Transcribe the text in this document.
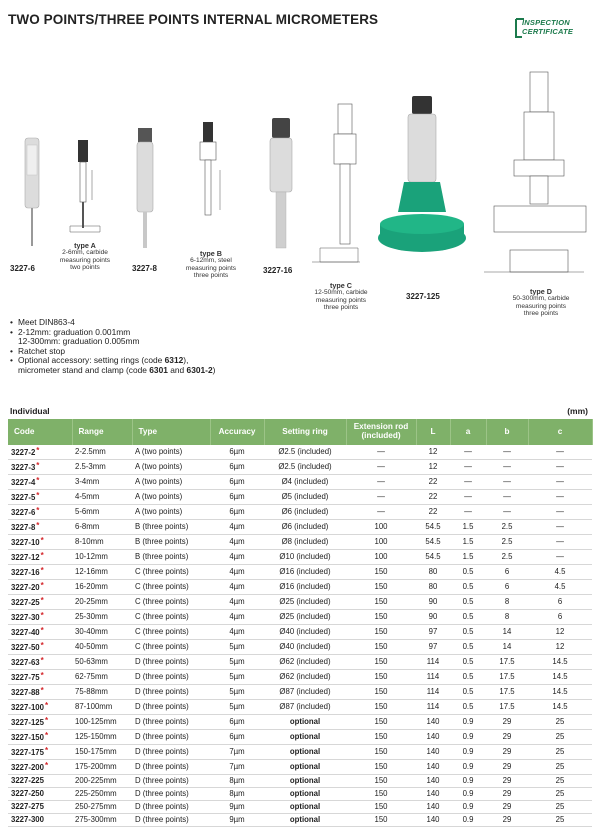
TWO POINTS/THREE POINTS INTERNAL MICROMETERS	INSPECTION
CERTIFICATE
3227-6
type A
2-6mm, carbide
measuring points
two points	3227-8
type B
6-12mm, steel
measuring points
three points
3227-16
type C
12-50mm, carbide
measuring points
three points
3227-125
type D
50-300mm, carbide
measuring points
three points
• Meet DIN863-4
• 2-12mm: graduation 0.001mm
12-300mm: graduation 0.005mm
• Ratchet stop
• Optional accessory: setting rings (code 6312),
micrometer stand and clamp (code 6301 and 6301-2)
Individual	(mm)
Code	Range	Type	Accuracy	Setting ring	Extension rod (included)	L	a	b	c
3227-2*	2-2.5mm	A (two points)	6µm	Ø2.5 (included)	—	12	—	—	—
3227-3*	2.5-3mm	A (two points)	6µm	Ø2.5 (included)	—	12	—	—	—
3227-4*	3-4mm	A (two points)	6µm	Ø4 (included)	—	22	—	—	—
3227-5*	4-5mm	A (two points)	6µm	Ø5 (included)	—	22	—	—	—
3227-6*	5-6mm	A (two points)	6µm	Ø6 (included)	—	22	—	—	—
3227-8*	6-8mm	B (three points)	4µm	Ø6 (included)	100	54.5	1.5	2.5	—
3227-10*	8-10mm	B (three points)	4µm	Ø8 (included)	100	54.5	1.5	2.5	—
3227-12*	10-12mm	B (three points)	4µm	Ø10 (included)	100	54.5	1.5	2.5	—
3227-16*	12-16mm	C (three points)	4µm	Ø16 (included)	150	80	0.5	6	4.5
3227-20*	16-20mm	C (three points)	4µm	Ø16 (included)	150	80	0.5	6	4.5
3227-25*	20-25mm	C (three points)	4µm	Ø25 (included)	150	90	0.5	8	6
3227-30*	25-30mm	C (three points)	4µm	Ø25 (included)	150	90	0.5	8	6
3227-40*	30-40mm	C (three points)	4µm	Ø40 (included)	150	97	0.5	14	12
3227-50*	40-50mm	C (three points)	5µm	Ø40 (included)	150	97	0.5	14	12
3227-63*	50-63mm	D (three points)	5µm	Ø62 (included)	150	114	0.5	17.5	14.5
3227-75*	62-75mm	D (three points)	5µm	Ø62 (included)	150	114	0.5	17.5	14.5
3227-88*	75-88mm	D (three points)	5µm	Ø87 (included)	150	114	0.5	17.5	14.5
3227-100*	87-100mm	D (three points)	5µm	Ø87 (included)	150	114	0.5	17.5	14.5
3227-125*	100-125mm	D (three points)	6µm	optional	150	140	0.9	29	25
3227-150*	125-150mm	D (three points)	6µm	optional	150	140	0.9	29	25
3227-175*	150-175mm	D (three points)	7µm	optional	150	140	0.9	29	25
3227-200*	175-200mm	D (three points)	7µm	optional	150	140	0.9	29	25
3227-225	200-225mm	D (three points)	8µm	optional	150	140	0.9	29	25
3227-250	225-250mm	D (three points)	8µm	optional	150	140	0.9	29	25
3227-275	250-275mm	D (three points)	9µm	optional	150	140	0.9	29	25
3227-300	275-300mm	D (three points)	9µm	optional	150	140	0.9	29	25
